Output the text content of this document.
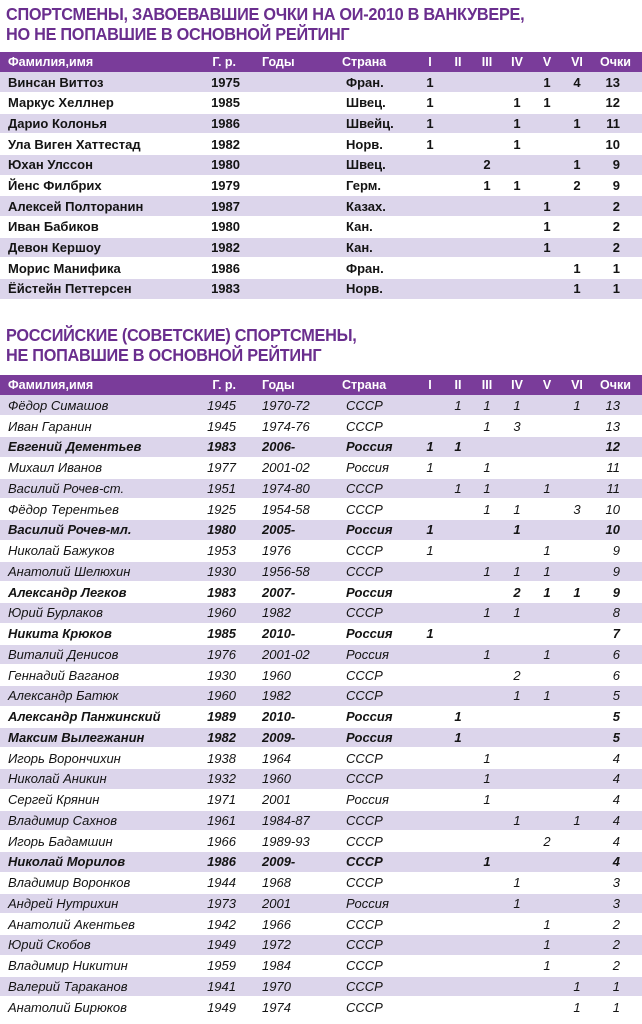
СПОРТСМЕНЫ, ЗАВОЕВАВШИЕ ОЧКИ НА ОИ-2010 В ВАНКУВЕРЕ,
НО НЕ ПОПАВШИЕ В ОСНОВНОЙ РЕЙТИНГ
Фамилия,имя	Г. р.	Годы	Страна	I	II	III	IV	V	VI	Очки
Винсан Виттоз	1975		Фран.	1				1	4	13
Маркус Хеллнер	1985		Швец.	1			1	1		12
Дарио Колонья	1986		Швейц.	1			1		1	11
Ула Виген Хаттестад	1982		Норв.	1			1			10
Юхан Улссон	1980		Швец.			2			1	9
Йенс Филбрих	1979		Герм.			1	1		2	9
Алексей Полторанин	1987		Казах.					1		2
Иван Бабиков	1980		Кан.					1		2
Девон Кершоу	1982		Кан.					1		2
Морис Манифика	1986		Фран.						1	1
Ёйстейн Петтерсен	1983		Норв.						1	1
РОССИЙСКИЕ (СОВЕТСКИЕ) СПОРТСМЕНЫ,
НЕ ПОПАВШИЕ В ОСНОВНОЙ РЕЙТИНГ
Фамилия,имя	Г. р.	Годы	Страна	I	II	III	IV	V	VI	Очки
Фёдор Симашов	1945	1970-72	СССР		1	1	1		1	13
Иван Гаранин	1945	1974-76	СССР			1	3			13
Евгений Дементьев	1983	2006-	Россия	1	1					12
Михаил Иванов	1977	2001-02	Россия	1		1				11
Василий Рочев-ст.	1951	1974-80	СССР		1	1		1		11
Фёдор Терентьев	1925	1954-58	СССР			1	1		3	10
Василий Рочев-мл.	1980	2005-	Россия	1			1			10
Николай Бажуков	1953	1976	СССР	1				1		9
Анатолий Шелюхин	1930	1956-58	СССР			1	1	1		9
Александр Легков	1983	2007-	Россия				2	1	1	9
Юрий Бурлаков	1960	1982	СССР			1	1			8
Никита Крюков	1985	2010-	Россия	1						7
Виталий Денисов	1976	2001-02	Россия			1		1		6
Геннадий Ваганов	1930	1960	СССР				2			6
Александр Батюк	1960	1982	СССР				1	1		5
Александр Панжинский	1989	2010-	Россия		1					5
Максим Вылегжанин	1982	2009-	Россия		1					5
Игорь Ворончихин	1938	1964	СССР			1				4
Николай Аникин	1932	1960	СССР			1				4
Сергей Крянин	1971	2001	Россия			1				4
Владимир Сахнов	1961	1984-87	СССР				1		1	4
Игорь Бадамшин	1966	1989-93	СССР					2		4
Николай Морилов	1986	2009-	СССР			1				4
Владимир Воронков	1944	1968	СССР				1			3
Андрей Нутрихин	1973	2001	Россия				1			3
Анатолий Акентьев	1942	1966	СССР					1		2
Юрий Скобов	1949	1972	СССР					1		2
Владимир Никитин	1959	1984	СССР					1		2
Валерий Тараканов	1941	1970	СССР						1	1
Анатолий Бирюков	1949	1974	СССР						1	1
